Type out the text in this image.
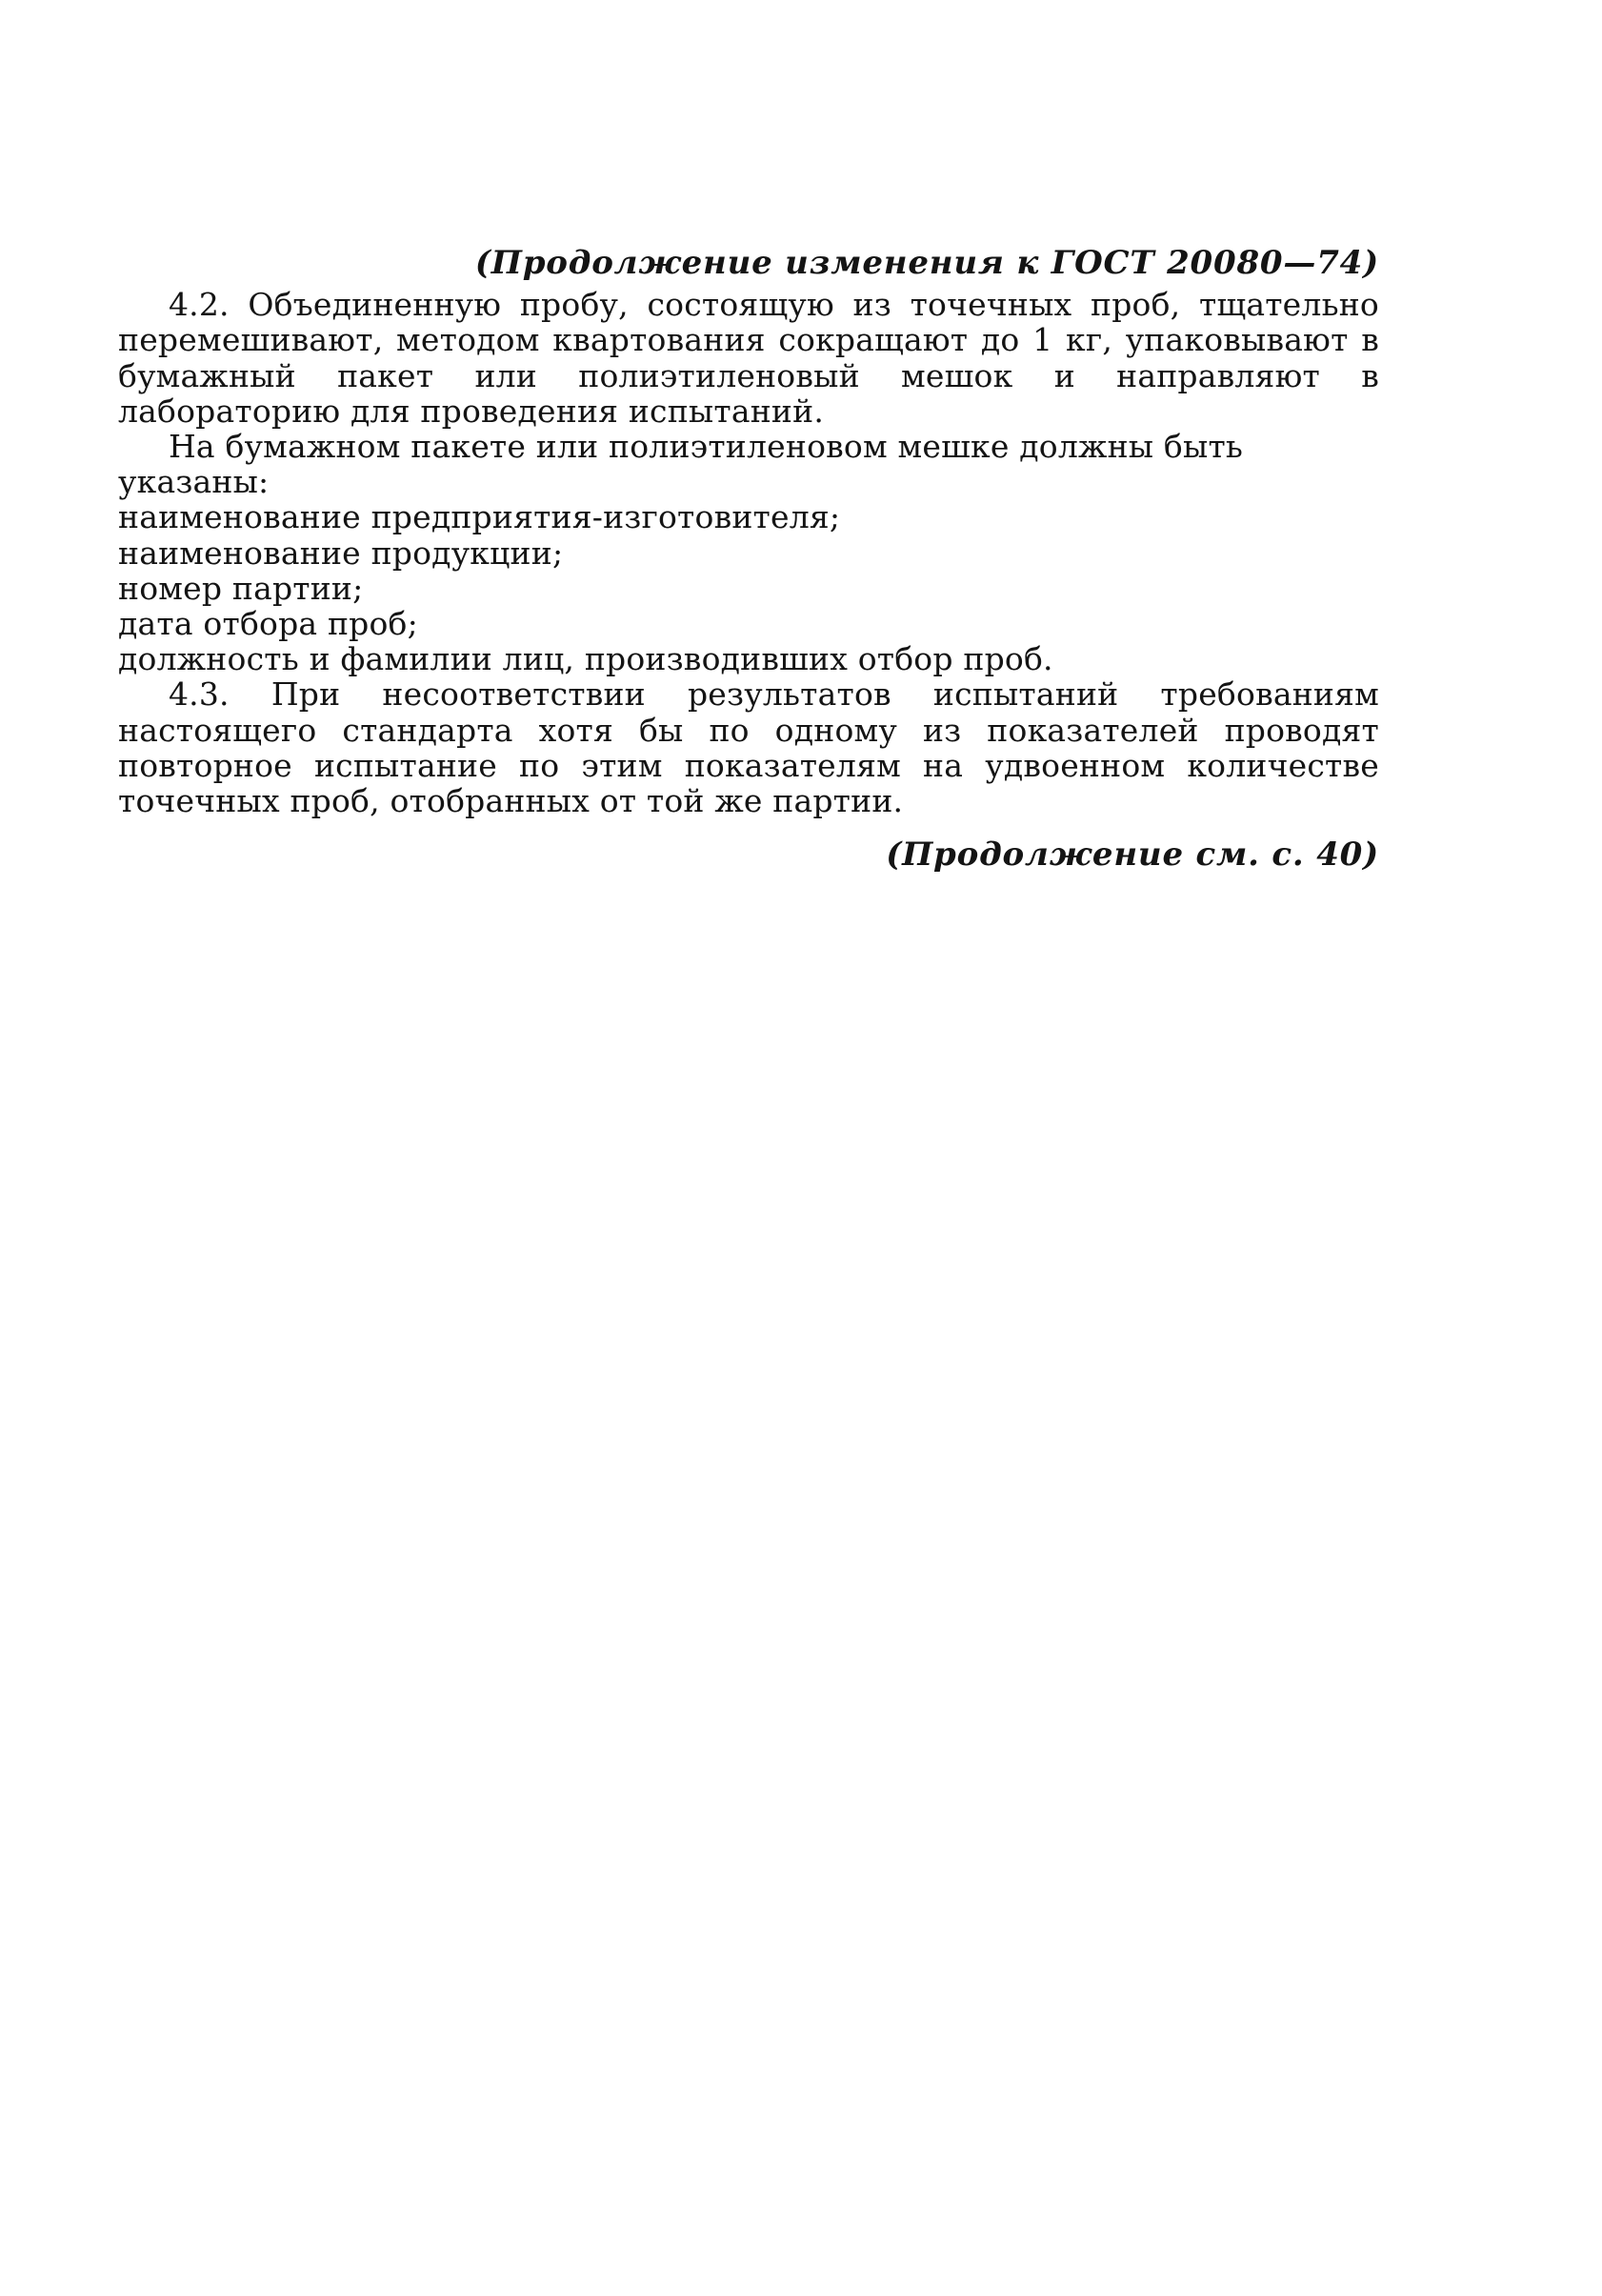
(Продолжение изменения к ГОСТ 20080—74)

4.2. Объединенную пробу, состоящую из точечных проб, тщательно перемешивают, методом квартования сокращают до 1 кг, упаковывают в бумажный пакет или полиэтиленовый мешок и направляют в лабораторию для проведения испытаний.

На бумажном пакете или полиэтиленовом мешке должны быть указаны:

наименование предприятия-изготовителя;

наименование продукции;

номер партии;

дата отбора проб;

должность и фамилии лиц, производивших отбор проб.

4.3. При несоответствии результатов испытаний требованиям настоящего стандарта хотя бы по одному из показателей проводят повторное испытание по этим показателям на удвоенном количестве точечных проб, отобранных от той же партии.

(Продолжение см. с. 40)
